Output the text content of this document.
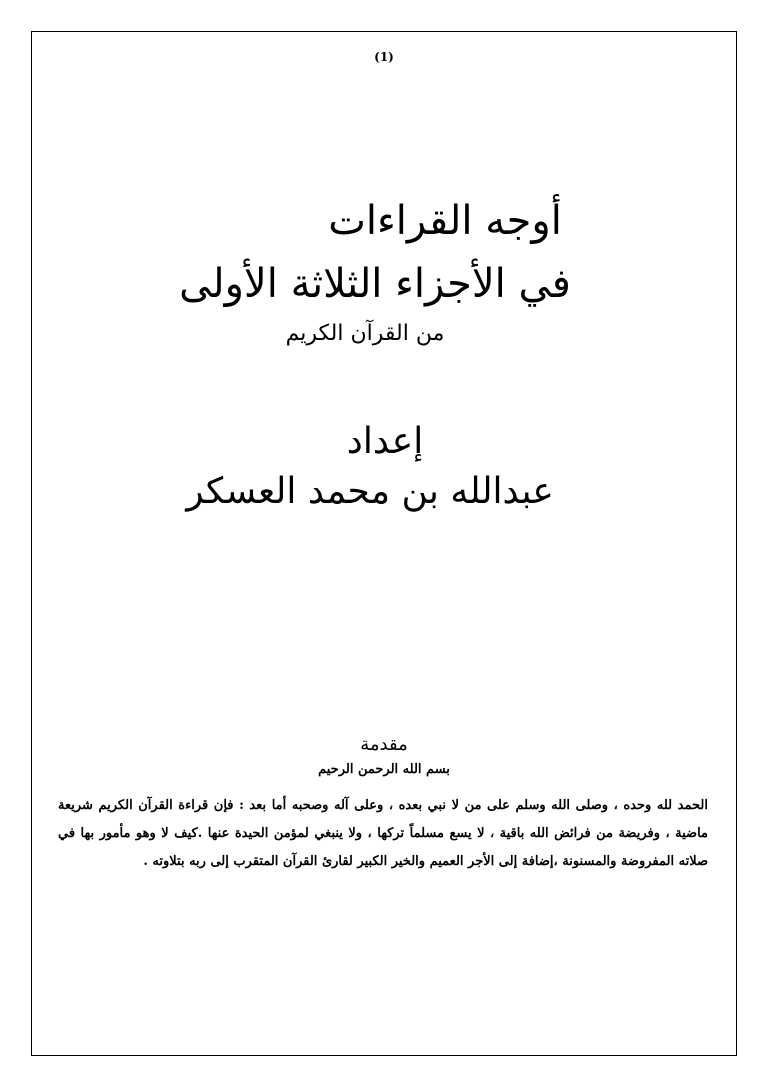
(1)
أوجه القراءات
في الأجزاء الثلاثة الأولى
من القرآن الكريم
إعداد
عبدالله بن محمد العسكر
مقدمة
بسم الله الرحمن الرحيم
الحمد لله وحده ، وصلى الله وسلم على من لا نبي بعده ، وعلى آله وصحبه أما بعد : فإن قراءة القرآن الكريم شريعة ماضية ، وفريضة من فرائض الله باقية ، لا يسع مسلماً تركها ، ولا ينبغي لمؤمن الحيدة عنها .كيف لا وهو مأمور بها في صلاته المفروضة والمسنونة ،إضافة إلى الأجر العميم والخير الكبير لقارئ القرآن المتقرب إلى ربه بتلاوته .
